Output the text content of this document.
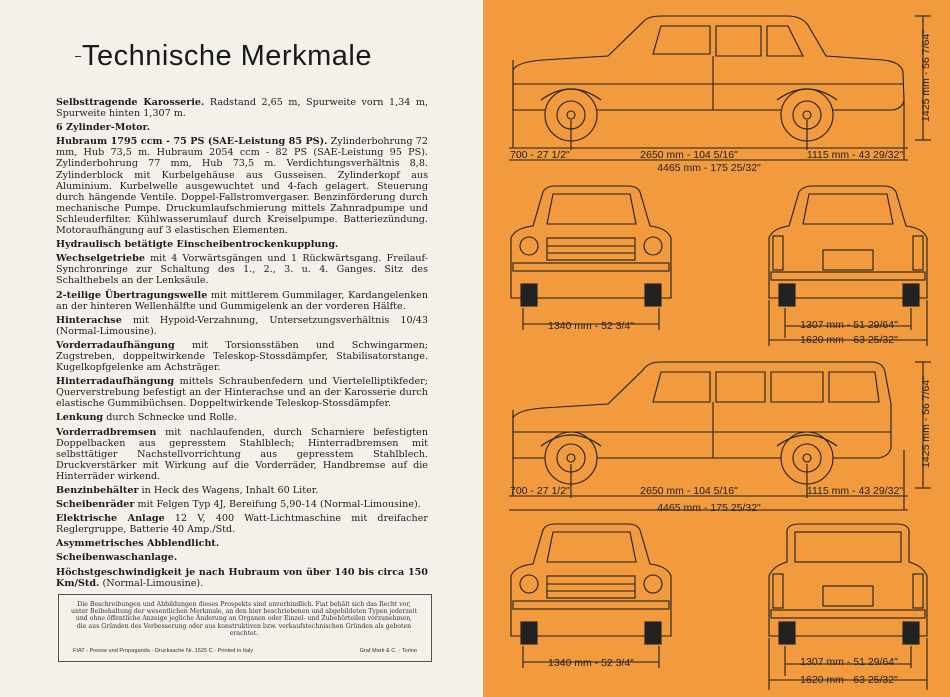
Technische Merkmale

Selbsttragende Karosserie. Radstand 2,65 m, Spurweite vorn 1,34 m, Spurweite hinten 1,307 m.

6 Zylinder-Motor.

Hubraum 1795 ccm - 75 PS (SAE-Leistung 85 PS). Zylinderbohrung 72 mm, Hub 73,5 m. Hubraum 2054 ccm - 82 PS (SAE-Leistung 95 PS). Zylinderbohrung 77 mm, Hub 73,5 m. Verdichtungsverhältnis 8,8. Zylinderblock mit Kurbelgehäuse aus Gusseisen. Zylinderkopf aus Aluminium. Kurbelwelle ausgewuchtet und 4-fach gelagert. Steuerung durch hängende Ventile. Doppel-Fallstromvergaser. Benzinförderung durch mechanische Pumpe. Druckumlaufschmierung mittels Zahnradpumpe und Schleuderfilter. Kühlwasserumlauf durch Kreiselpumpe. Batteriezündung. Motoraufhängung auf 3 elastischen Elementen.

Hydraulisch betätigte Einscheibentrockenkupplung.

Wechselgetriebe mit 4 Vorwärtsgängen und 1 Rückwärtsgang. Freilauf-Synchronringe zur Schaltung des 1., 2., 3. u. 4. Ganges. Sitz des Schalthebels an der Lenksäule.

2-teilige Übertragungswelle mit mittlerem Gummilager, Kardangelenken an der hinteren Wellenhälfte und Gummigelenk an der vorderen Hälfte.

Hinterachse mit Hypoid-Verzahnung, Untersetzungsverhältnis 10/43 (Normal-Limousine).

Vorderradaufhängung mit Torsionsstäben und Schwingarmen; Zugstreben, doppeltwirkende Teleskop-Stossdämpfer, Stabilisatorstange. Kugelkopfgelenke am Achsträger.

Hinterradaufhängung mittels Schraubenfedern und Viertelelliptikfeder; Querverstrebung befestigt an der Hinterachse und an der Karosserie durch elastische Gummibüchsen. Doppeltwirkende Teleskop-Stossdämpfer.

Lenkung durch Schnecke und Rolle.

Vorderradbremsen mit nachlaufenden, durch Scharniere befestigten Doppelbacken aus gepresstem Stahlblech; Hinterradbremsen mit selbsttätiger Nachstellvorrichtung aus gepresstem Stahlblech. Druckverstärker mit Wirkung auf die Vorderräder, Handbremse auf die Hinterräder wirkend.

Benzinbehälter in Heck des Wagens, Inhalt 60 Liter.

Scheibenräder mit Felgen Typ 4J, Bereifung 5,90-14 (Normal-Limousine).

Elektrische Anlage 12 V, 400 Watt-Lichtmaschine mit dreifacher Reglergruppe, Batterie 40 Amp./Std.

Asymmetrisches Abblendlicht.

Scheibenwaschanlage.

Höchstgeschwindigkeit je nach Hubraum von über 140 bis circa 150 Km/Std. (Normal-Limousine).

Die Beschreibungen und Abbildungen dieses Prospekts sind unverbindlich. Fiat behält sich das Recht vor, unter Beibehaltung der wesentlichen Merkmale, an den hier beschriebenen und abgebildeten Typen jederzeit und ohne öffentliche Anzeige jegliche Änderung an Organen oder Einzel- und Zubehörteilen vorzunehmen, die aus Gründen des Verbesserung oder aus konstruktiven bzw. verkaufstechnischen Gründen als geboten erachtet.
FIAT - Presse und Propaganda - Drucksache Nr. 1525 C - Printed in Italy	Graf Marti & C. - Torino
1425 mm - 56 7/64"
700 - 27 1/2"	2650 mm - 104 5/16"	1115 mm - 43 29/32"
4465 mm - 175 25/32"
1340 mm - 52 3/4"	1307 mm - 51 29/64"
1620 mm - 63 25/32"
1425 mm - 56 7/64"
700 - 27 1/2"	2650 mm - 104 5/16"	1115 mm - 43 29/32"
4465 mm - 175 25/32"
1340 mm - 52 3/4"	1307 mm - 51 29/64"
1620 mm - 63 25/32"
